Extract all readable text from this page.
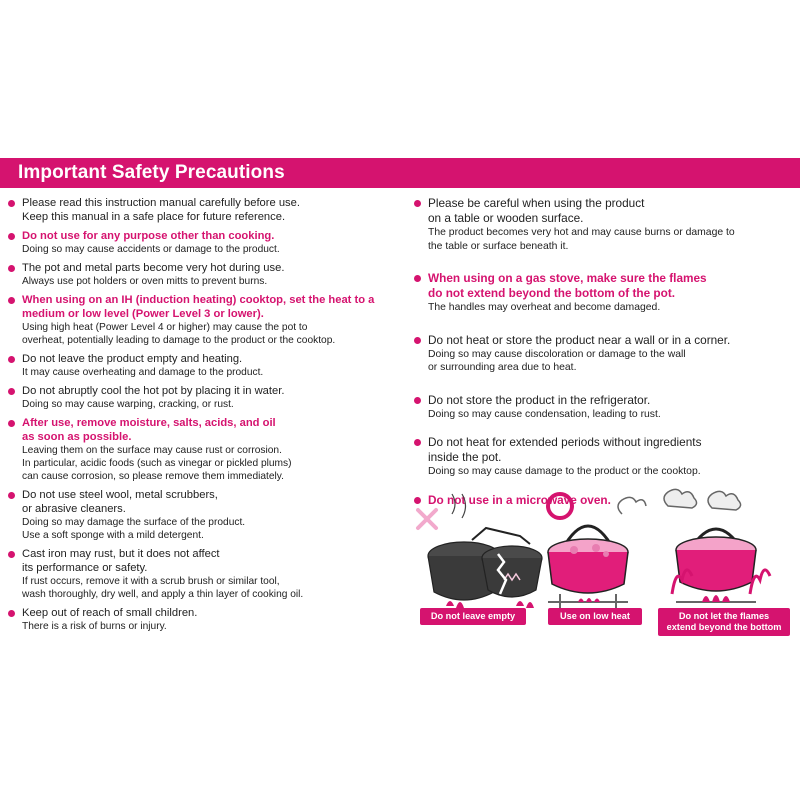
Important Safety Precautions
Please read this instruction manual carefully before use.
Keep this manual in a safe place for future reference.
Do not use for any purpose other than cooking.
Doing so may cause accidents or damage to the product.
The pot and metal parts become very hot during use.
Always use pot holders or oven mitts to prevent burns.
When using on an IH (induction heating) cooktop, set the heat to a
medium or low level (Power Level 3 or lower).
Using high heat (Power Level 4 or higher) may cause the pot to
overheat, potentially leading to damage to the product or the cooktop.
Do not leave the product empty and heating.
It may cause overheating and damage to the product.
Do not abruptly cool the hot pot by placing it in water.
Doing so may cause warping, cracking, or rust.
After use, remove moisture, salts, acids, and oil
as soon as possible.
Leaving them on the surface may cause rust or corrosion.
In particular, acidic foods (such as vinegar or pickled plums)
can cause corrosion, so please remove them immediately.
Do not use steel wool, metal scrubbers,
or abrasive cleaners.
Doing so may damage the surface of the product.
Use a soft sponge with a mild detergent.
Cast iron may rust, but it does not affect
its performance or safety.
If rust occurs, remove it with a scrub brush or similar tool,
wash thoroughly, dry well, and apply a thin layer of cooking oil.
Keep out of reach of small children.
There is a risk of burns or injury.
Please be careful when using the product
on a table or wooden surface.
The product becomes very hot and may cause burns or damage to
the table or surface beneath it.
When using on a gas stove, make sure the flames
do not extend beyond the bottom of the pot.
The handles may overheat and become damaged.
Do not heat or store the product near a wall or in a corner.
Doing so may cause discoloration or damage to the wall
or surrounding area due to heat.
Do not store the product in the refrigerator.
Doing so may cause condensation, leading to rust.
Do not heat for extended periods without ingredients
inside the pot.
Doing so may cause damage to the product or the cooktop.
Do not use in a microwave oven.
Do not leave empty	Use on low heat	Do not let the flames
extend beyond the bottom
